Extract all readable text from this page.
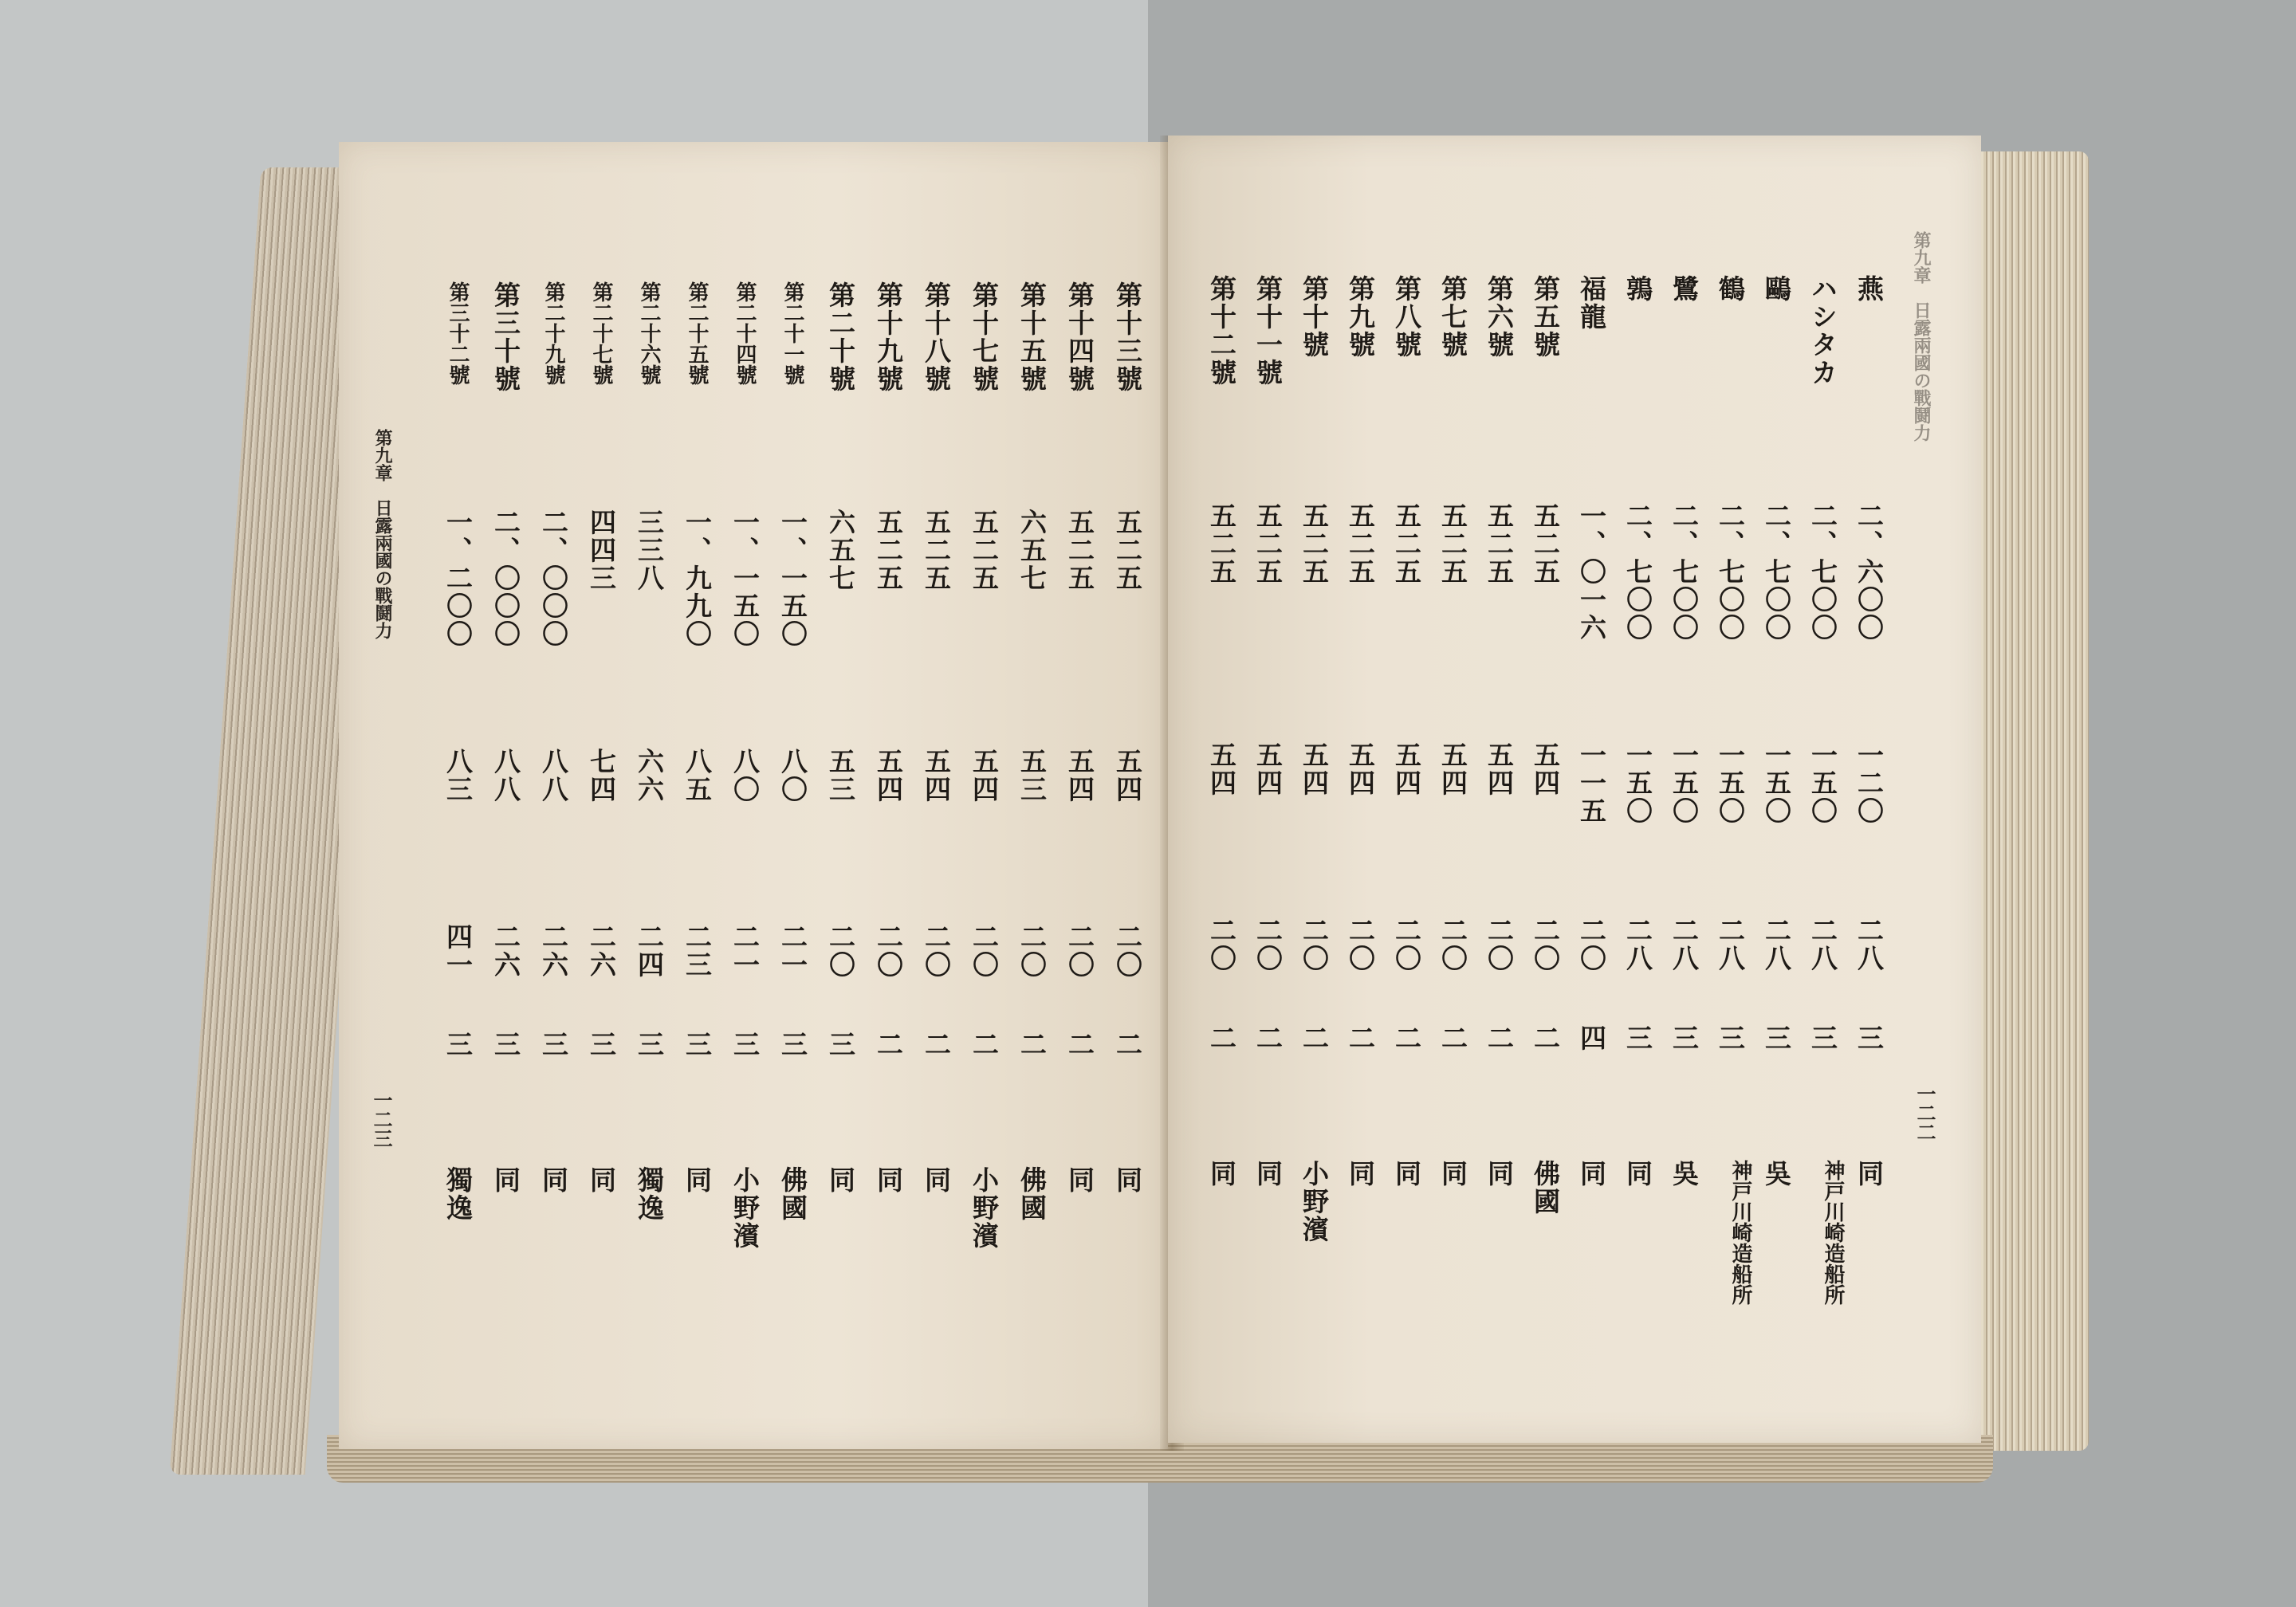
第九章　日露兩國の戰鬪力
一二三
第十三號
五二五
五四
二〇
二
同
第十四號
五二五
五四
二〇
二
同
第十五號
六五七
五三
二〇
二
佛國
第十七號
五二五
五四
二〇
二
小野濱
第十八號
五二五
五四
二〇
二
同
第十九號
五二五
五四
二〇
二
同
第二十號
六五七
五三
二〇
三
同
第二十一號
一、一五〇
八〇
二一
三
佛國
第二十四號
一、一五〇
八〇
二一
三
小野濱
第二十五號
一、九九〇
八五
二三
三
同
第二十六號
三三八
六六
二四
三
獨逸
第二十七號
四四三
七四
二六
三
同
第二十九號
二、〇〇〇
八八
二六
三
同
第三十號
二、〇〇〇
八八
二六
三
同
第三十二號
一、二〇〇
八三
四一
三
獨逸
第九章　日露兩國の戰鬪力
一二二
燕
二、六〇〇
一二〇
二八
三
同
ハシタカ
二、七〇〇
一五〇
二八
三
神戸川崎造船所
鷗
二、七〇〇
一五〇
二八
三
吳
鶴
二、七〇〇
一五〇
二八
三
神戸川崎造船所
鷺
二、七〇〇
一五〇
二八
三
吳
鶉
二、七〇〇
一五〇
二八
三
同
福龍
一、〇一六
一一五
二〇
四
同
第五號
五二五
五四
二〇
二
佛國
第六號
五二五
五四
二〇
二
同
第七號
五二五
五四
二〇
二
同
第八號
五二五
五四
二〇
二
同
第九號
五二五
五四
二〇
二
同
第十號
五二五
五四
二〇
二
小野濱
第十一號
五二五
五四
二〇
二
同
第十二號
五二五
五四
二〇
二
同
